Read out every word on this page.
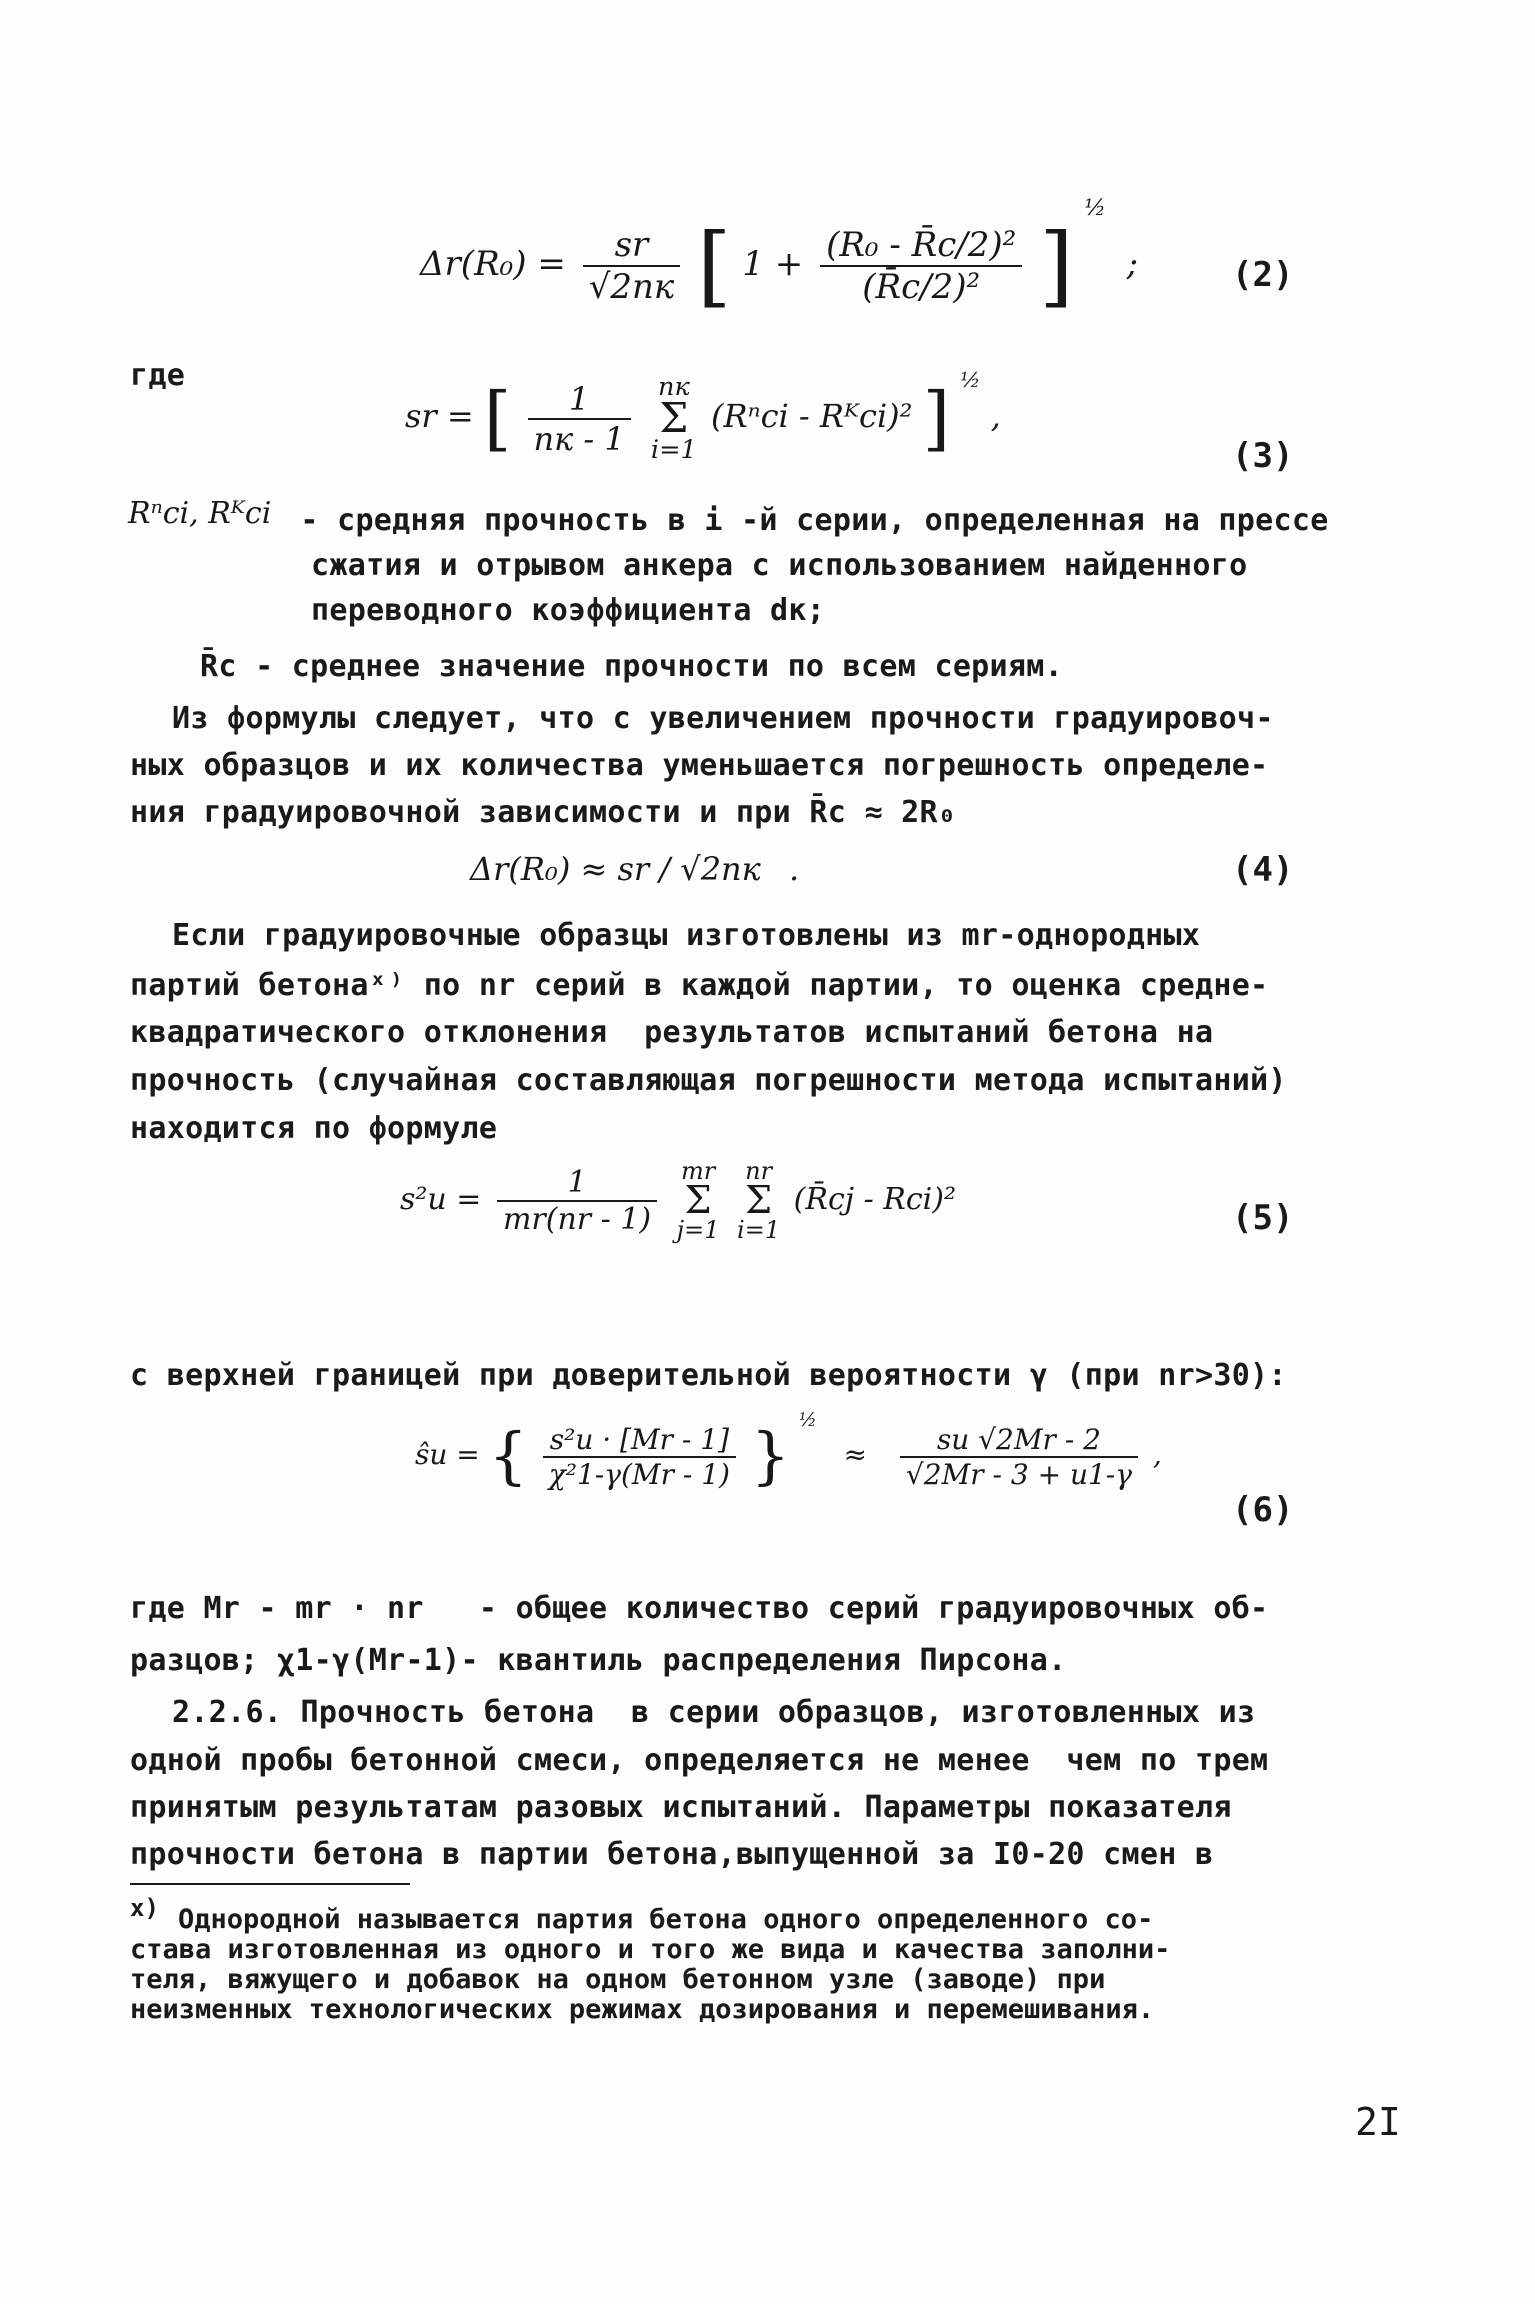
$\Delta r(R_0) = \frac{sr}{√2nк}$ [ $1 + \frac{\text{(R₀ - R̄c/2)²}}{\text{(R̄c/2)²}}$ ] $^{\frac{1}{2}}$ ;	(2)
где
sr = [ $\frac{1}{nк - 1}$ nк
Σ
i=1 (Rⁿci - Rᴷci)² ] $^{\frac{1}{2}}$ ,
(3)
Rⁿci, Rᴷci - средняя прочность в i -й серии, определенная на прессе
сжатия и отрывом анкера с использованием найденного
переводного коэффициента dк;
R̄c - среднее значение прочности по всем сериям.
Из формулы следует, что с увеличением прочности градуировоч-
ных образцов и их количества уменьшается погрешность определе-
ния градуировочной зависимости и при R̄c ≈ 2R₀
Δr(R₀) ≈ sr / √2nк .	(4)
Если градуировочные образцы изготовлены из mr-однородных
партий бетонаˣ⁾ по nr серий в каждой партии, то оценка средне-
квадратического отклонения  результатов испытаний бетона на
прочность (случайная составляющая погрешности метода испытаний)
находится по формуле
$s^2u = \frac{1}{mr(nr - 1)}$ mr
Σ
j=1 nr
Σ
i=1 (R̄cj - Rci)²	(5)
с верхней границей при доверительной вероятности γ (при nr>30):
ŝu = { $\frac{\text{s²u · [Mr - 1]}}{\text{χ²1-γ(Mr - 1)}}$ } $^{\frac{1}{2}} \approx \frac{su √2Mr - 2}{√2Mr - 3 + u1-\gamma}$ ,
(6)
где Mr - mr · nr   - общее количество серий градуировочных об-
разцов; χ1-γ(Mr-1)- квантиль распределения Пирсона.
2.2.6. Прочность бетона  в серии образцов, изготовленных из
одной пробы бетонной смеси, определяется не менее  чем по трем
принятым результатам разовых испытаний. Параметры показателя
прочности бетона в партии бетона,выпущенной за I0-20 смен в
х) Однородной называется партия бетона одного определенного со-
става изготовленная из одного и того же вида и качества заполни-
теля, вяжущего и добавок на одном бетонном узле (заводе) при
неизменных технологических режимах дозирования и перемешивания.
2I
